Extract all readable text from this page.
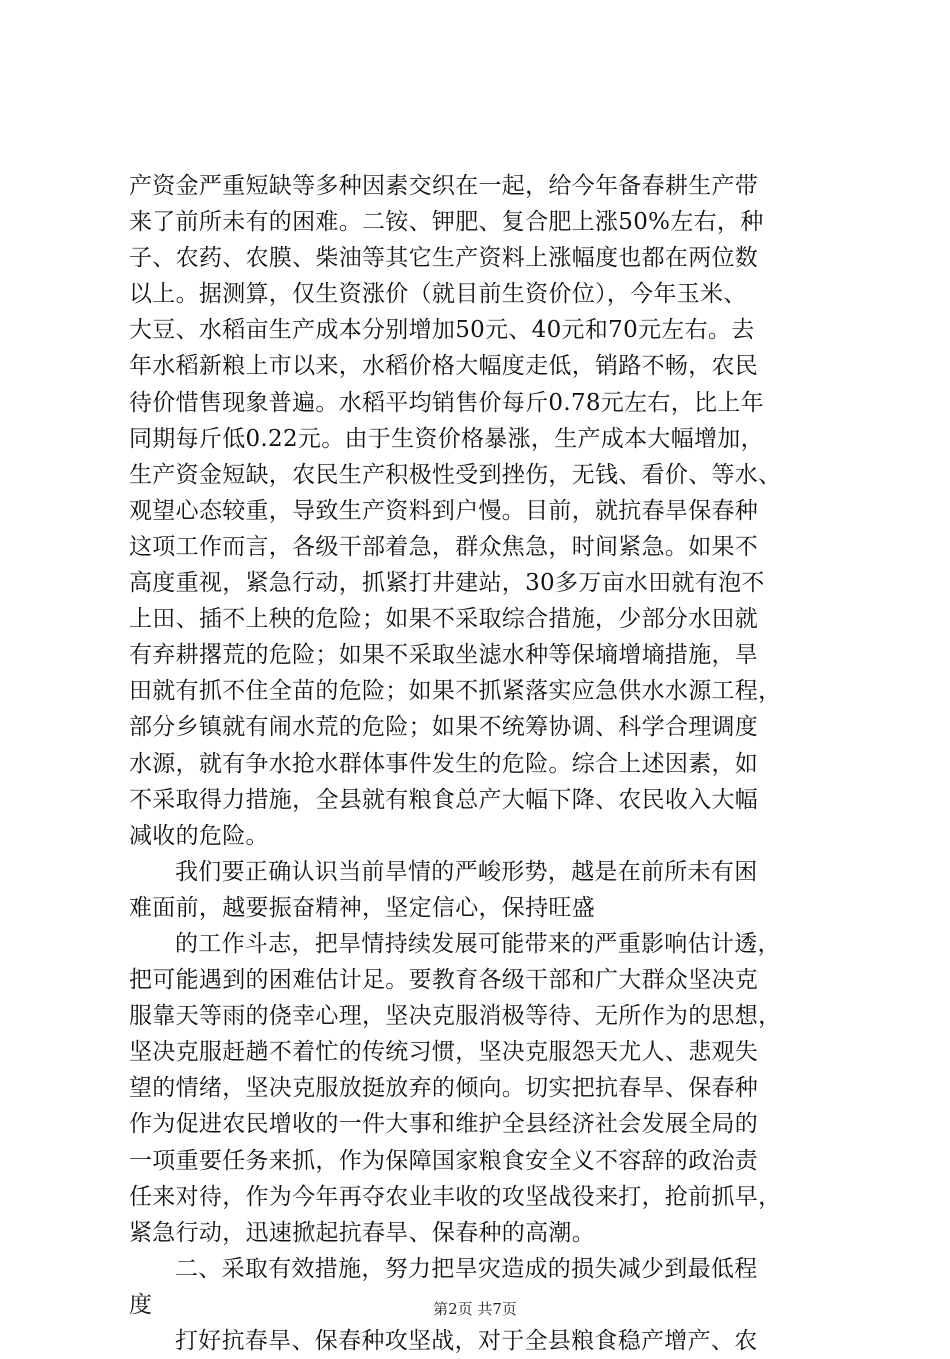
产资金严重短缺等多种因素交织在一起，给今年备春耕生产带
来了前所未有的困难。二铵、钾肥、复合肥上涨50%左右，种
子、农药、农膜、柴油等其它生产资料上涨幅度也都在两位数
以上。据测算，仅生资涨价（就目前生资价位），今年玉米、
大豆、水稻亩生产成本分别增加50元、40元和70元左右。去
年水稻新粮上市以来，水稻价格大幅度走低，销路不畅，农民
待价惜售现象普遍。水稻平均销售价每斤0.78元左右，比上年
同期每斤低0.22元。由于生资价格暴涨，生产成本大幅增加，
生产资金短缺，农民生产积极性受到挫伤，无钱、看价、等水、
观望心态较重，导致生产资料到户慢。目前，就抗春旱保春种
这项工作而言，各级干部着急，群众焦急，时间紧急。如果不
高度重视，紧急行动，抓紧打井建站，30多万亩水田就有泡不
上田、插不上秧的危险；如果不采取综合措施，少部分水田就
有弃耕撂荒的危险；如果不采取坐滤水种等保墒增墒措施，旱
田就有抓不住全苗的危险；如果不抓紧落实应急供水水源工程，
部分乡镇就有闹水荒的危险；如果不统筹协调、科学合理调度
水源，就有争水抢水群体事件发生的危险。综合上述因素，如
不采取得力措施，全县就有粮食总产大幅下降、农民收入大幅
减收的危险。
我们要正确认识当前旱情的严峻形势，越是在前所未有困
难面前，越要振奋精神，坚定信心，保持旺盛
的工作斗志，把旱情持续发展可能带来的严重影响估计透，
把可能遇到的困难估计足。要教育各级干部和广大群众坚决克
服靠天等雨的侥幸心理，坚决克服消极等待、无所作为的思想，
坚决克服赶趟不着忙的传统习惯，坚决克服怨天尤人、悲观失
望的情绪，坚决克服放挺放弃的倾向。切实把抗春旱、保春种
作为促进农民增收的一件大事和维护全县经济社会发展全局的
一项重要任务来抓，作为保障国家粮食安全义不容辞的政治责
任来对待，作为今年再夺农业丰收的攻坚战役来打，抢前抓早，
紧急行动，迅速掀起抗春旱、保春种的高潮。
二、采取有效措施，努力把旱灾造成的损失减少到最低程
度
打好抗春旱、保春种攻坚战，对于全县粮食稳产增产、农
第2页 共7页
